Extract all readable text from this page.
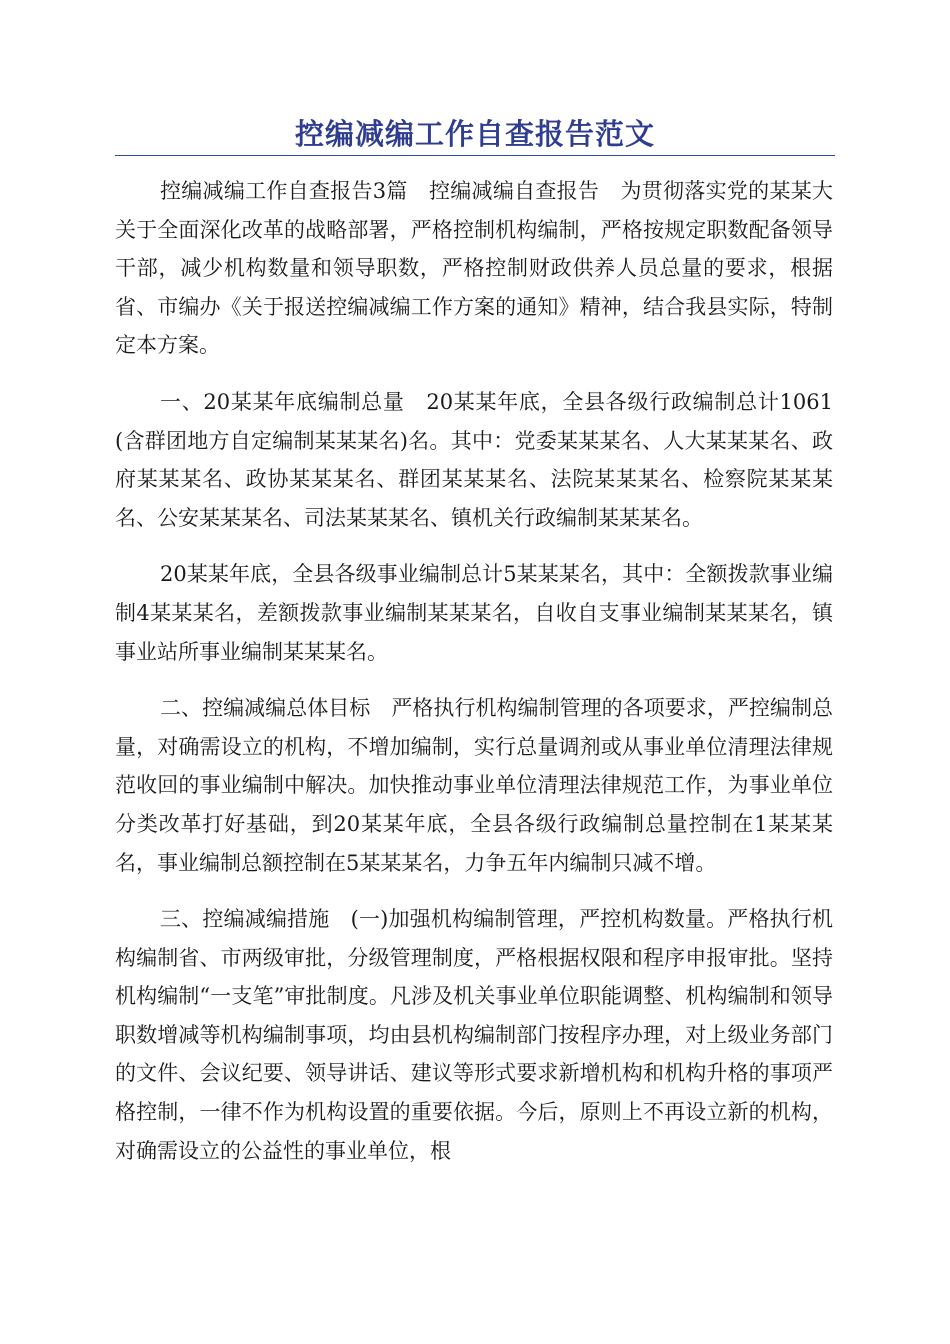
控编减编工作自查报告范文

控编减编工作自查报告3篇　控编减编自查报告　为贯彻落实党的某某大关于全面深化改革的战略部署，严格控制机构编制，严格按规定职数配备领导干部，减少机构数量和领导职数，严格控制财政供养人员总量的要求，根据省、市编办《关于报送控编减编工作方案的通知》精神，结合我县实际，特制定本方案。

一、20某某年底编制总量　20某某年底，全县各级行政编制总计1061(含群团地方自定编制某某某名)名。其中：党委某某某名、人大某某某名、政府某某某名、政协某某某名、群团某某某名、法院某某某名、检察院某某某名、公安某某某名、司法某某某名、镇机关行政编制某某某名。

20某某年底，全县各级事业编制总计5某某某名，其中：全额拨款事业编制4某某某名，差额拨款事业编制某某某名，自收自支事业编制某某某名，镇事业站所事业编制某某某名。

二、控编减编总体目标　严格执行机构编制管理的各项要求，严控编制总量，对确需设立的机构，不增加编制，实行总量调剂或从事业单位清理法律规范收回的事业编制中解决。加快推动事业单位清理法律规范工作，为事业单位分类改革打好基础，到20某某年底，全县各级行政编制总量控制在1某某某名，事业编制总额控制在5某某某名，力争五年内编制只减不增。

三、控编减编措施　(一)加强机构编制管理，严控机构数量。严格执行机构编制省、市两级审批，分级管理制度，严格根据权限和程序申报审批。坚持机构编制“一支笔”审批制度。凡涉及机关事业单位职能调整、机构编制和领导职数增减等机构编制事项，均由县机构编制部门按程序办理，对上级业务部门的文件、会议纪要、领导讲话、建议等形式要求新增机构和机构升格的事项严格控制，一律不作为机构设置的重要依据。今后，原则上不再设立新的机构，对确需设立的公益性的事业单位，根
